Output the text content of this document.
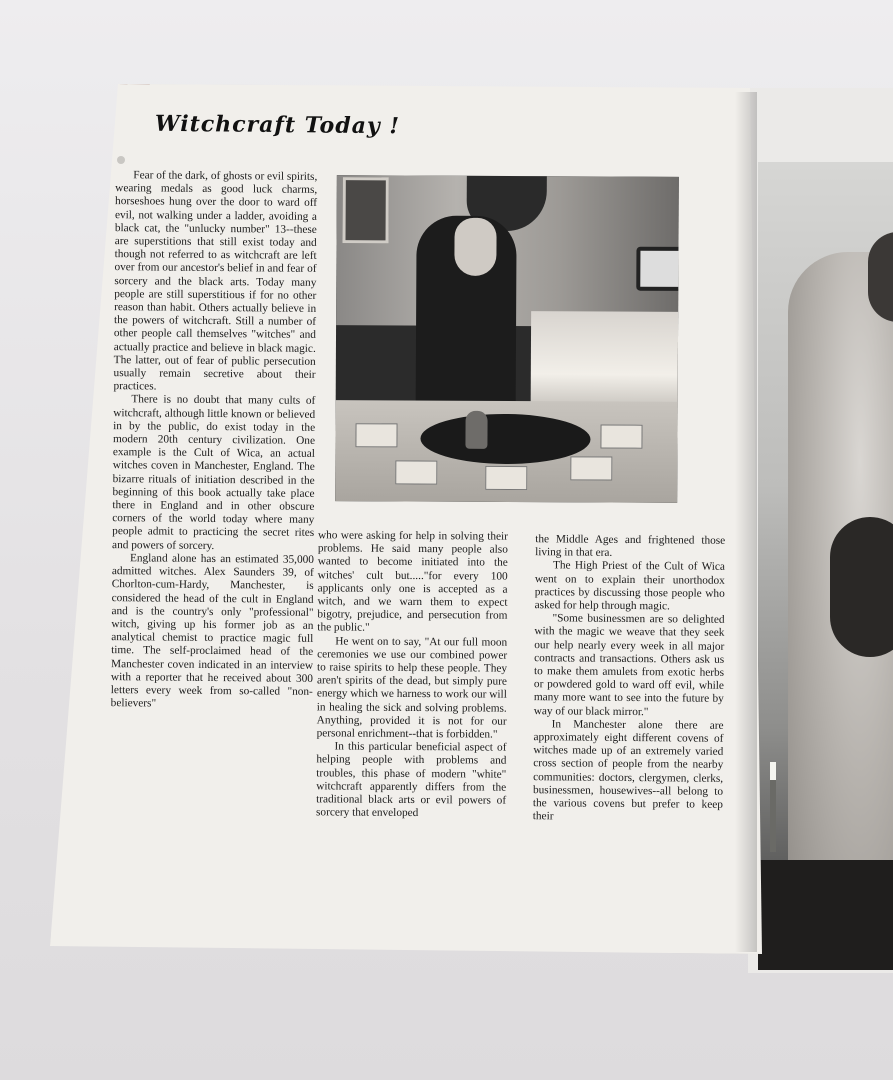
Witchcraft Today !

Fear of the dark, of ghosts or evil spirits, wearing medals as good luck charms, horseshoes hung over the door to ward off evil, not walking under a ladder, avoiding a black cat, the "unlucky number" 13--these are superstitions that still exist today and though not referred to as witchcraft are left over from our ancestor's belief in and fear of sorcery and the black arts. Today many people are still superstitious if for no other reason than habit. Others actually believe in the powers of witchcraft. Still a number of other people call themselves "witches" and actually practice and believe in black magic. The latter, out of fear of public persecution usually remain secretive about their practices.

There is no doubt that many cults of witchcraft, although little known or believed in by the public, do exist today in the modern 20th century civilization. One example is the Cult of Wica, an actual witches coven in Manchester, England. The bizarre rituals of initiation described in the beginning of this book actually take place there in England and in other obscure corners of the world today where many people admit to practicing the secret rites and powers of sorcery.

England alone has an estimated 35,000 admitted witches. Alex Saunders 39, of Chorlton-cum-Hardy, Manchester, is considered the head of the cult in England and is the country's only "professional" witch, giving up his former job as an analytical chemist to practice magic full time. The self-proclaimed head of the Manchester coven indicated in an interview with a reporter that he received about 300 letters every week from so-called "non-believers"

who were asking for help in solving their problems. He said many people also wanted to become initiated into the witches' cult but....."for every 100 applicants only one is accepted as a witch, and we warn them to expect bigotry, prejudice, and persecution from the public."

He went on to say, "At our full moon ceremonies we use our combined power to raise spirits to help these people. They aren't spirits of the dead, but simply pure energy which we harness to work our will in healing the sick and solving problems. Anything, provided it is not for our personal enrichment--that is forbidden."

In this particular beneficial aspect of helping people with problems and troubles, this phase of modern "white" witchcraft apparently differs from the traditional black arts or evil powers of sorcery that enveloped

the Middle Ages and frightened those living in that era.

The High Priest of the Cult of Wica went on to explain their unorthodox practices by discussing those people who asked for help through magic.

"Some businessmen are so delighted with the magic we weave that they seek our help nearly every week in all major contracts and transactions. Others ask us to make them amulets from exotic herbs or powdered gold to ward off evil, while many more want to see into the future by way of our black mirror."

In Manchester alone there are approximately eight different covens of witches made up of an extremely varied cross section of people from the nearby communities: doctors, clergymen, clerks, businessmen, housewives--all belong to the various covens but prefer to keep their
